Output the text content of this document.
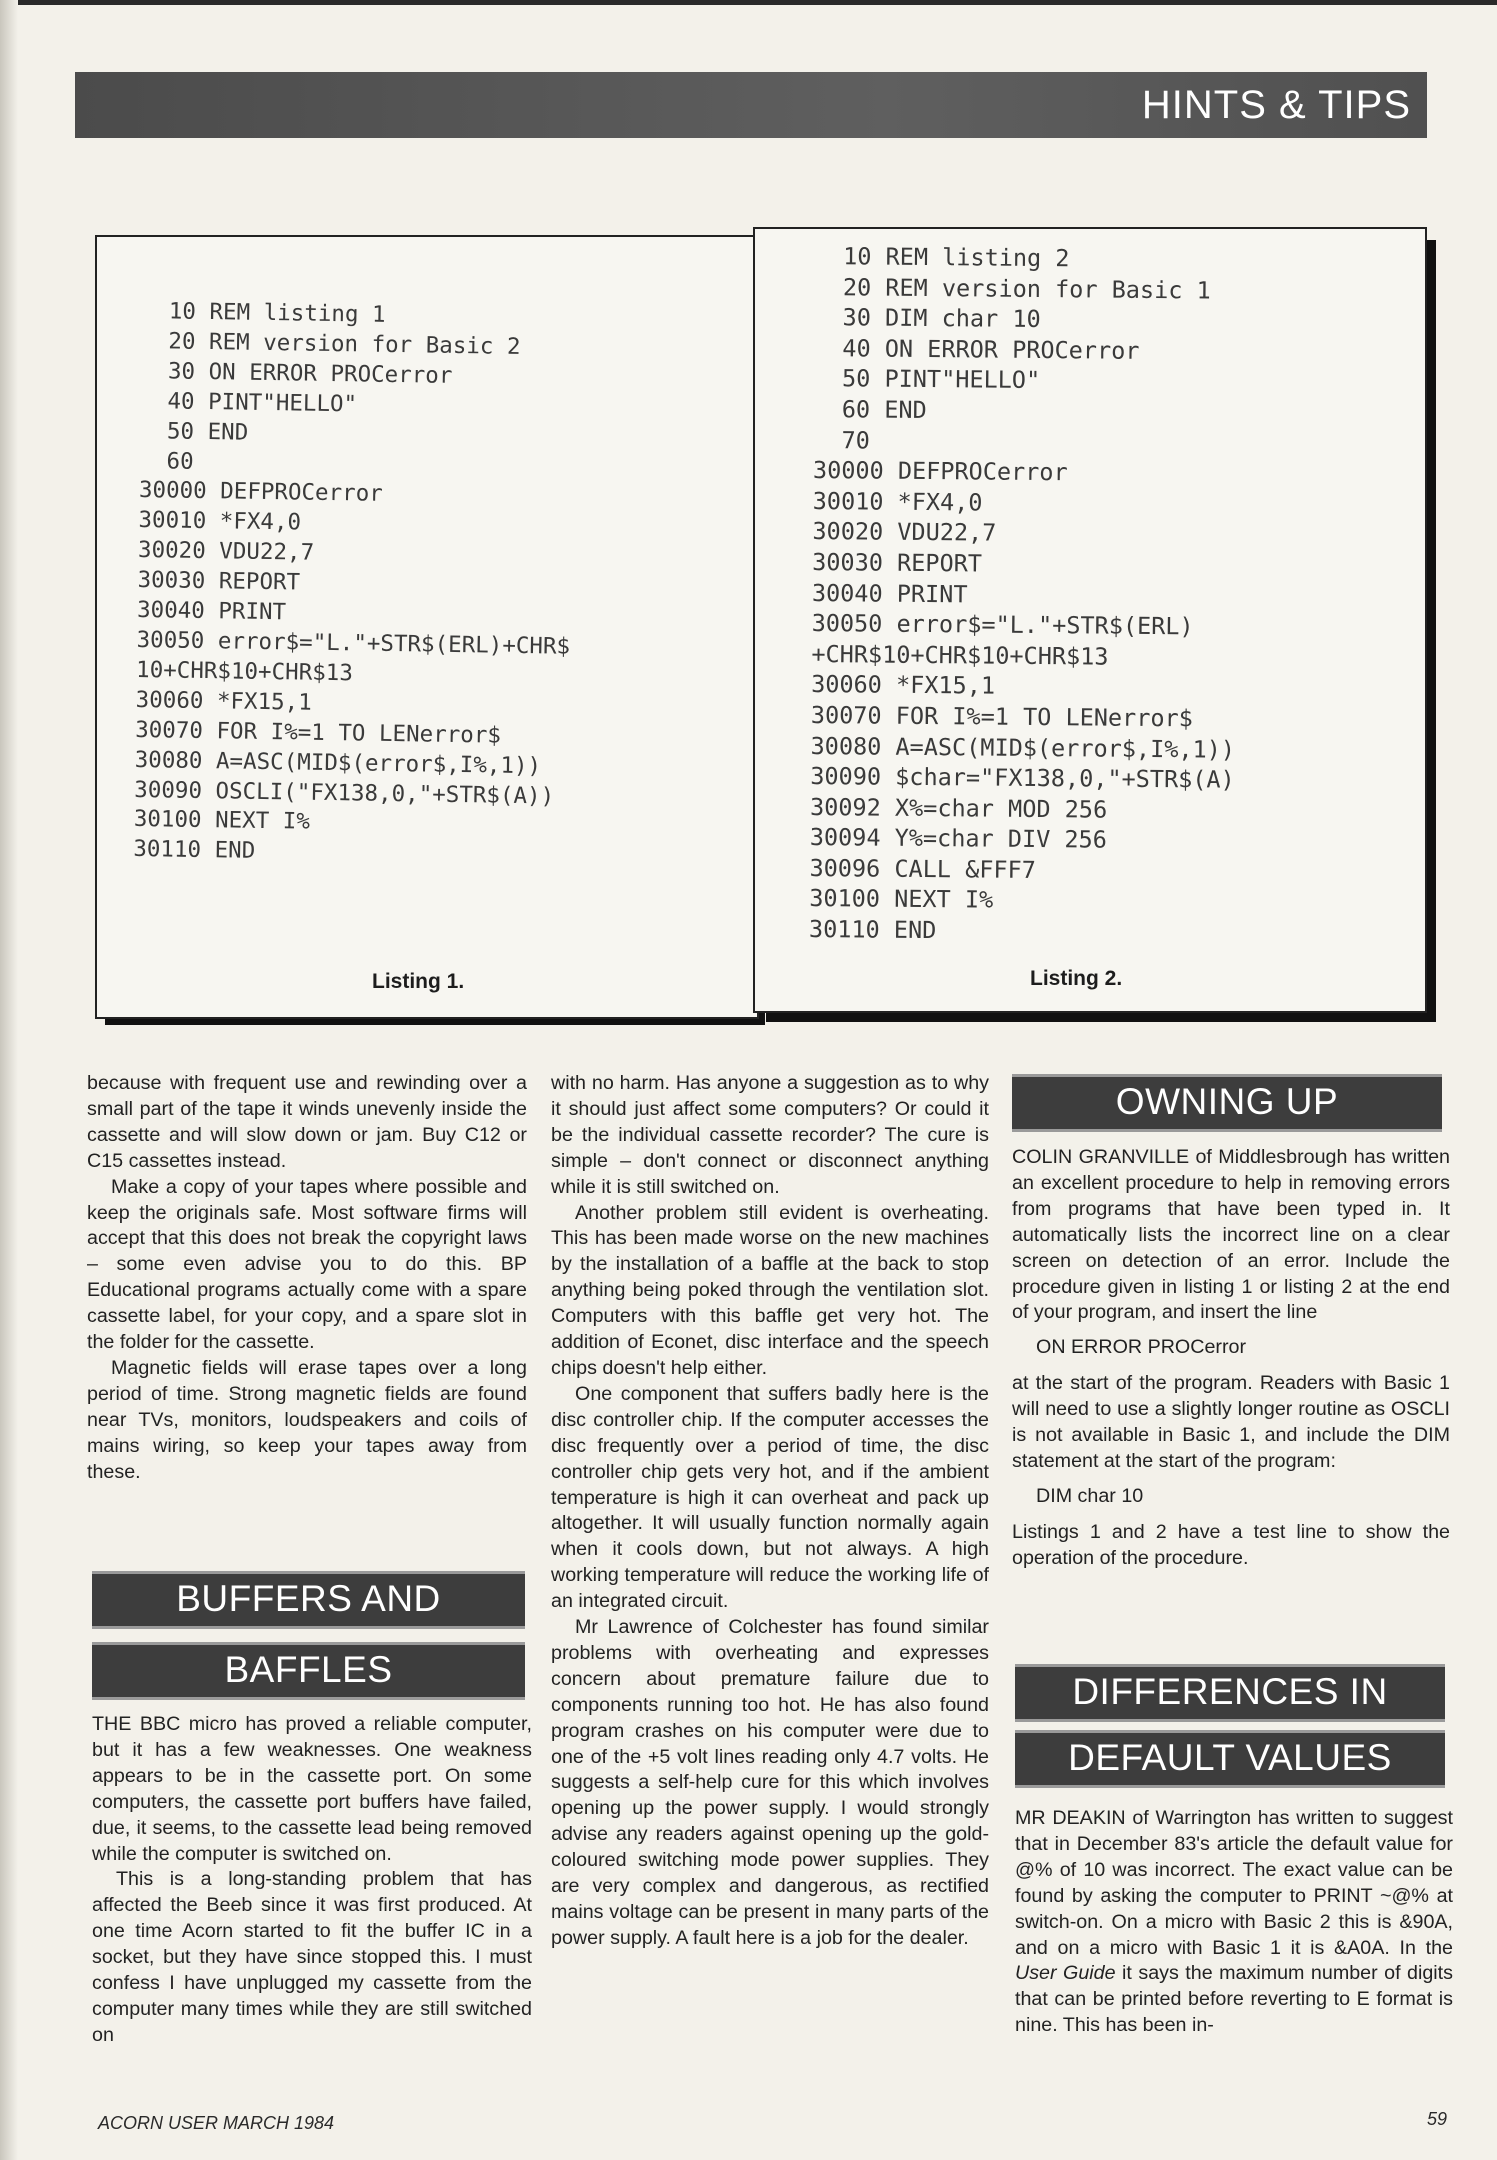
HINTS & TIPS
10 REM listing 1
20 REM version for Basic 2
30 ON ERROR PROCerror
40 PINT"HELLO"
50 END
60
30000 DEFPROCerror
30010 *FX4,0
30020 VDU22,7
30030 REPORT
30040 PRINT
30050 error$="L."+STR$(ERL)+CHR$
10+CHR$10+CHR$13
30060 *FX15,1
30070 FOR I%=1 TO LENerror$
30080 A=ASC(MID$(error$,I%,1))
30090 OSCLI("FX138,0,"+STR$(A))
30100 NEXT I%
30110 END
Listing 1.
10 REM listing 2
20 REM version for Basic 1
30 DIM char 10
40 ON ERROR PROCerror
50 PINT"HELLO"
60 END
70
30000 DEFPROCerror
30010 *FX4,0
30020 VDU22,7
30030 REPORT
30040 PRINT
30050 error$="L."+STR$(ERL)
+CHR$10+CHR$10+CHR$13
30060 *FX15,1
30070 FOR I%=1 TO LENerror$
30080 A=ASC(MID$(error$,I%,1))
30090 $char="FX138,0,"+STR$(A)
30092 X%=char MOD 256
30094 Y%=char DIV 256
30096 CALL &FFF7
30100 NEXT I%
30110 END
Listing 2.

because with frequent use and rewinding over a small part of the tape it winds unevenly inside the cassette and will slow down or jam. Buy C12 or C15 cassettes instead.

Make a copy of your tapes where possible and keep the originals safe. Most software firms will accept that this does not break the copyright laws – some even advise you to do this. BP Educational programs actually come with a spare cassette label, for your copy, and a spare slot in the folder for the cassette.

Magnetic fields will erase tapes over a long period of time. Strong magnetic fields are found near TVs, monitors, loudspeakers and coils of mains wiring, so keep your tapes away from these.

BUFFERS AND
BAFFLES

THE BBC micro has proved a reliable computer, but it has a few weaknesses. One weakness appears to be in the cassette port. On some computers, the cassette port buffers have failed, due, it seems, to the cassette lead being removed while the computer is switched on.

This is a long-standing problem that has affected the Beeb since it was first produced. At one time Acorn started to fit the buffer IC in a socket, but they have since stopped this. I must confess I have unplugged my cassette from the computer many times while they are still switched on

with no harm. Has anyone a suggestion as to why it should just affect some computers? Or could it be the individual cassette recorder? The cure is simple – don't connect or disconnect anything while it is still switched on.

Another problem still evident is overheating. This has been made worse on the new machines by the installation of a baffle at the back to stop anything being poked through the ventilation slot. Computers with this baffle get very hot. The addition of Econet, disc interface and the speech chips doesn't help either.

One component that suffers badly here is the disc controller chip. If the computer accesses the disc frequently over a period of time, the disc controller chip gets very hot, and if the ambient temperature is high it can overheat and pack up altogether. It will usually function normally again when it cools down, but not always. A high working temperature will reduce the working life of an integrated circuit.

Mr Lawrence of Colchester has found similar problems with overheating and expresses concern about premature failure due to components running too hot. He has also found program crashes on his computer were due to one of the +5 volt lines reading only 4.7 volts. He suggests a self-help cure for this which involves opening up the power supply. I would strongly advise any readers against opening up the gold-coloured switching mode power supplies. They are very complex and dangerous, as rectified mains voltage can be present in many parts of the power supply. A fault here is a job for the dealer.

OWNING UP

COLIN GRANVILLE of Middlesbrough has written an excellent procedure to help in removing errors from programs that have been typed in. It automatically lists the incorrect line on a clear screen on detection of an error. Include the procedure given in listing 1 or listing 2 at the end of your program, and insert the line

ON ERROR PROCerror

at the start of the program. Readers with Basic 1 will need to use a slightly longer routine as OSCLI is not available in Basic 1, and include the DIM statement at the start of the program:

DIM char 10

Listings 1 and 2 have a test line to show the operation of the procedure.

DIFFERENCES IN
DEFAULT VALUES

MR DEAKIN of Warrington has written to suggest that in December 83's article the default value for @% of 10 was incorrect. The exact value can be found by asking the computer to PRINT ~@% at switch-on. On a micro with Basic 2 this is &90A, and on a micro with Basic 1 it is &A0A. In the User Guide it says the maximum number of digits that can be printed before reverting to E format is nine. This has been in-

ACORN USER MARCH 1984	59
